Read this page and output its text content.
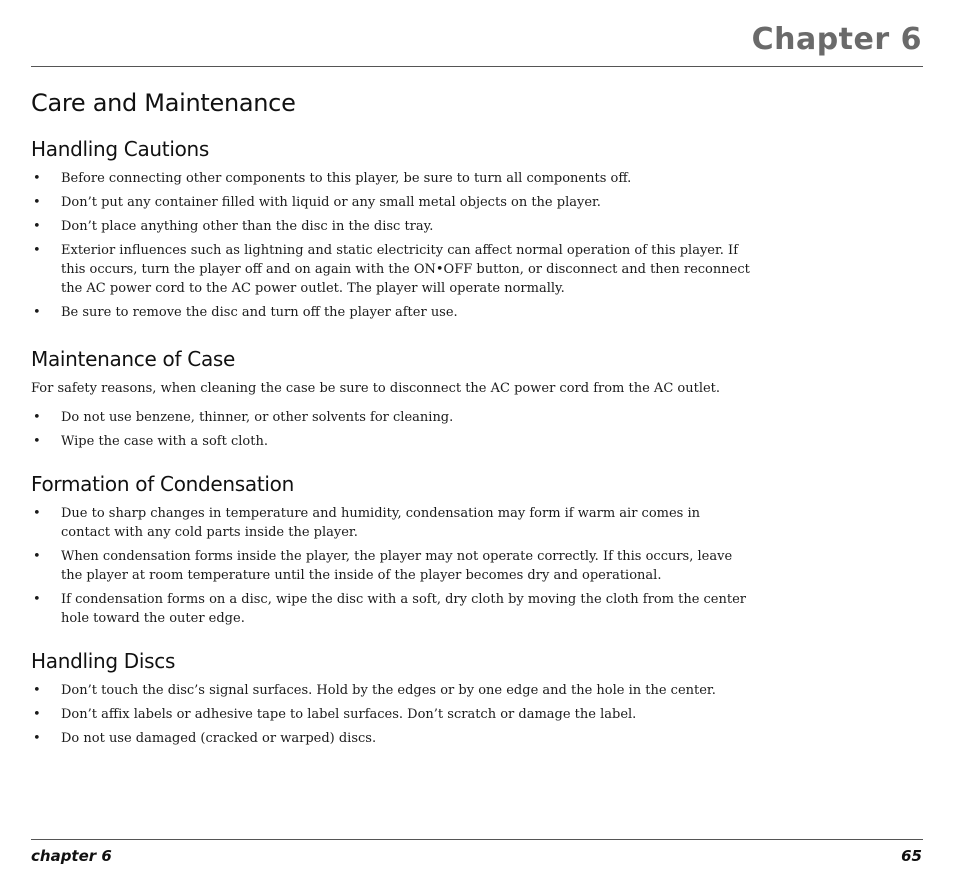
Chapter 6
Care and Maintenance
Handling Cautions
• Before connecting other components to this player, be sure to turn all components off.
• Don’t put any container filled with liquid or any small metal objects on the player.
• Don’t place anything other than the disc in the disc tray.
• Exterior influences such as lightning and static electricity can affect normal operation of this player. If this occurs, turn the player off and on again with the ON•OFF button, or disconnect and then reconnect the AC power cord to the AC power outlet. The player will operate normally.
• Be sure to remove the disc and turn off the player after use.
Maintenance of Case

For safety reasons, when cleaning the case be sure to disconnect the AC power cord from the AC outlet.

• Do not use benzene, thinner, or other solvents for cleaning.
• Wipe the case with a soft cloth.
Formation of Condensation
• Due to sharp changes in temperature and humidity, condensation may form if warm air comes in contact with any cold parts inside the player.
• When condensation forms inside the player, the player may not operate correctly. If this occurs, leave the player at room temperature until the inside of the player becomes dry and operational.
• If condensation forms on a disc, wipe the disc with a soft, dry cloth by moving the cloth from the center hole toward the outer edge.
Handling Discs
• Don’t touch the disc’s signal surfaces. Hold by the edges or by one edge and the hole in the center.
• Don’t affix labels or adhesive tape to label surfaces. Don’t scratch or damage the label.
• Do not use damaged (cracked or warped) discs.
chapter 6	65
